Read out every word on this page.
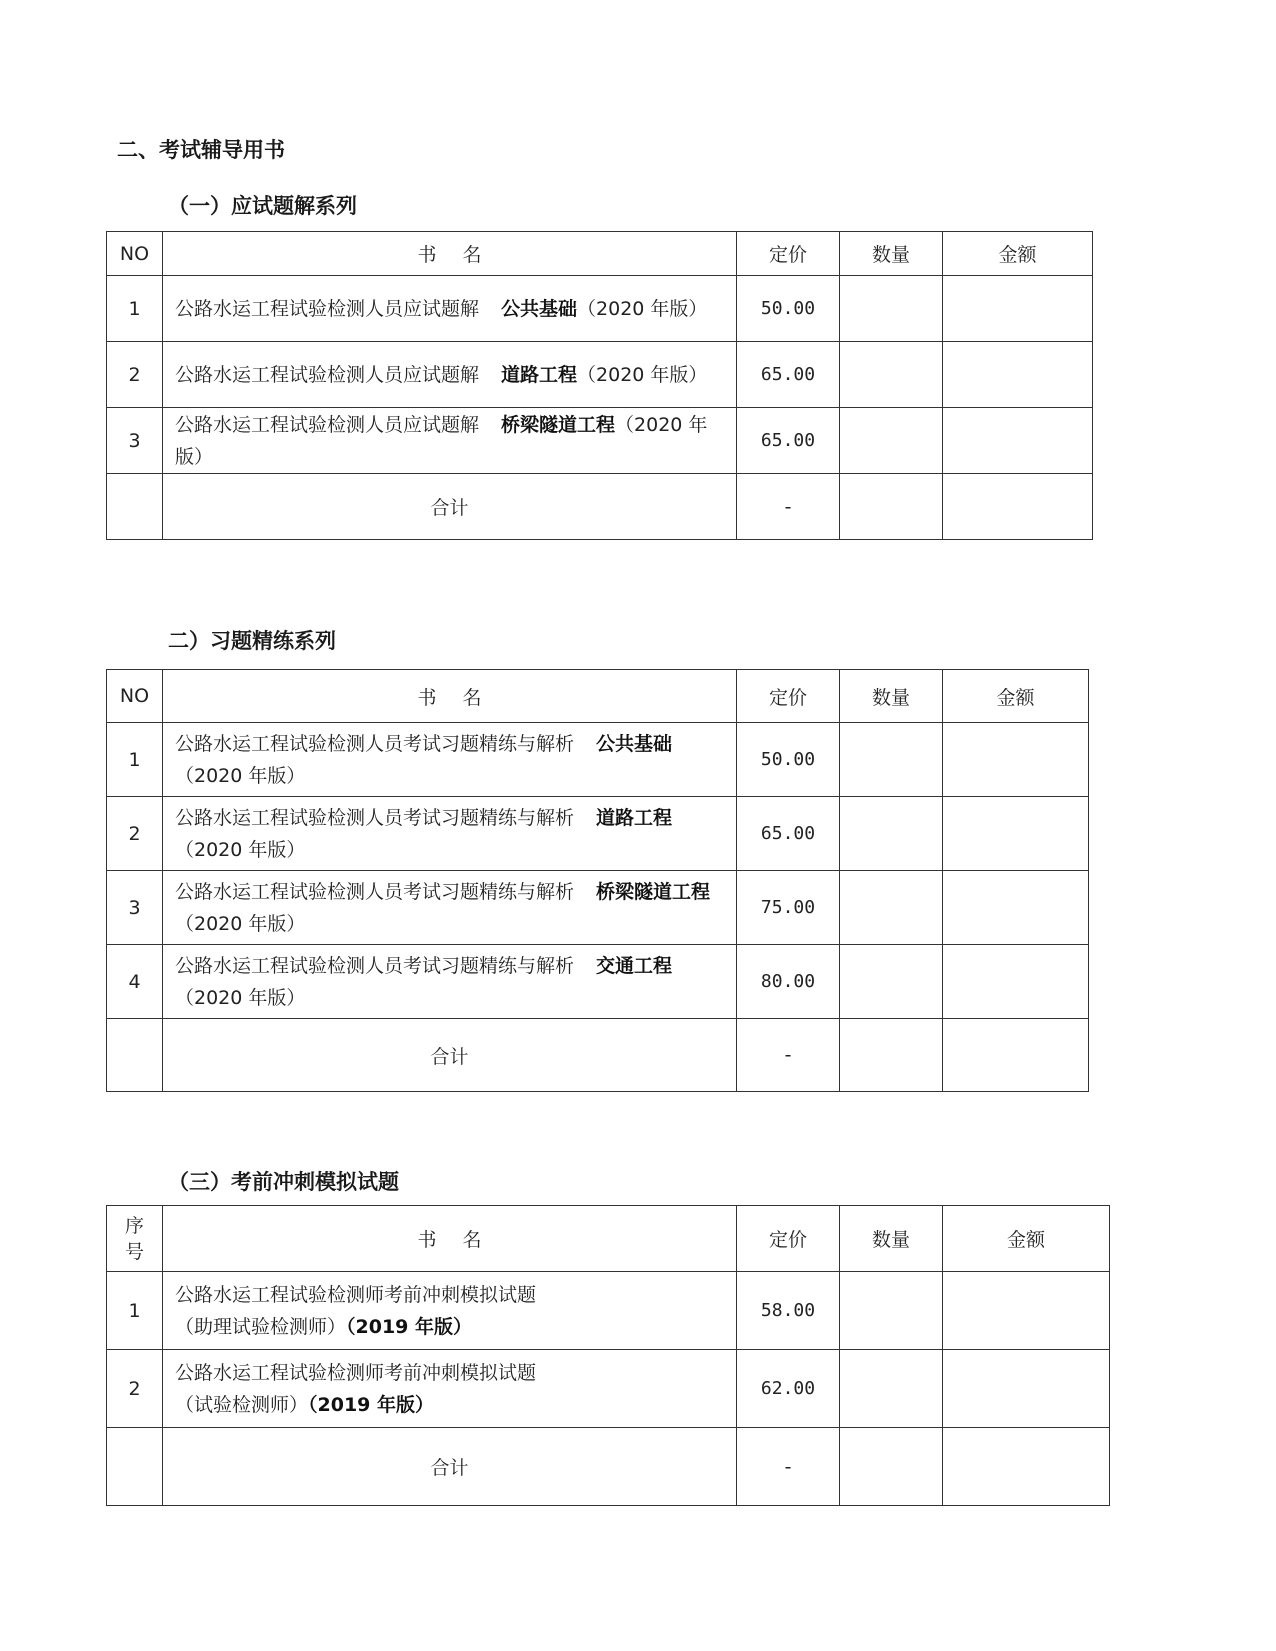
二、考试辅导用书
（一）应试题解系列
NO	书 名	定价	数量	金额
1	公路水运工程试验检测人员应试题解 公共基础（2020 年版）	50.00		
2	公路水运工程试验检测人员应试题解 道路工程（2020 年版）	65.00		
3	公路水运工程试验检测人员应试题解 桥梁隧道工程（2020 年版）	65.00		
	合计	-		
二）习题精练系列
NO	书 名	定价	数量	金额
1	公路水运工程试验检测人员考试习题精练与解析 公共基础（2020 年版）	50.00		
2	公路水运工程试验检测人员考试习题精练与解析 道路工程（2020 年版）	65.00		
3	公路水运工程试验检测人员考试习题精练与解析 桥梁隧道工程（2020 年版）	75.00		
4	公路水运工程试验检测人员考试习题精练与解析 交通工程（2020 年版）	80.00		
	合计	-		
（三）考前冲刺模拟试题
序
号	书 名	定价	数量	金额
1	公路水运工程试验检测师考前冲刺模拟试题
（助理试验检测师）（2019 年版）	58.00		
2	公路水运工程试验检测师考前冲刺模拟试题
（试验检测师）（2019 年版）	62.00		
	合计	-		
